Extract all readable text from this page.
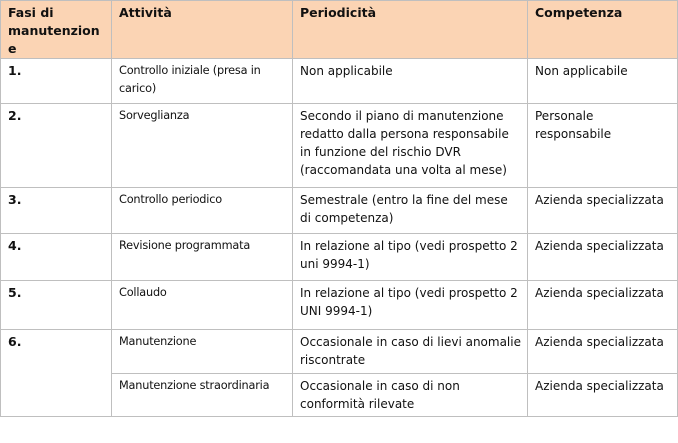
Fasi di manutenzione	Attività	Periodicità	Competenza
1.	Controllo iniziale (presa in carico)	Non applicabile	Non applicabile
2.	Sorveglianza	Secondo il piano di manutenzione redatto dalla persona responsabile in funzione del rischio DVR (raccomandata una volta al mese)	Personale responsabile
3.	Controllo periodico	Semestrale (entro la fine del mese di competenza)	Azienda specializzata
4.	Revisione programmata	In relazione al tipo (vedi prospetto 2 uni 9994-1)	Azienda specializzata
5.	Collaudo	In relazione al tipo (vedi prospetto 2 UNI 9994-1)	Azienda specializzata
6.	Manutenzione	Occasionale in caso di lievi anomalie riscontrate	Azienda specializzata
	Manutenzione straordinaria	Occasionale in caso di non conformità rilevate	Azienda specializzata
